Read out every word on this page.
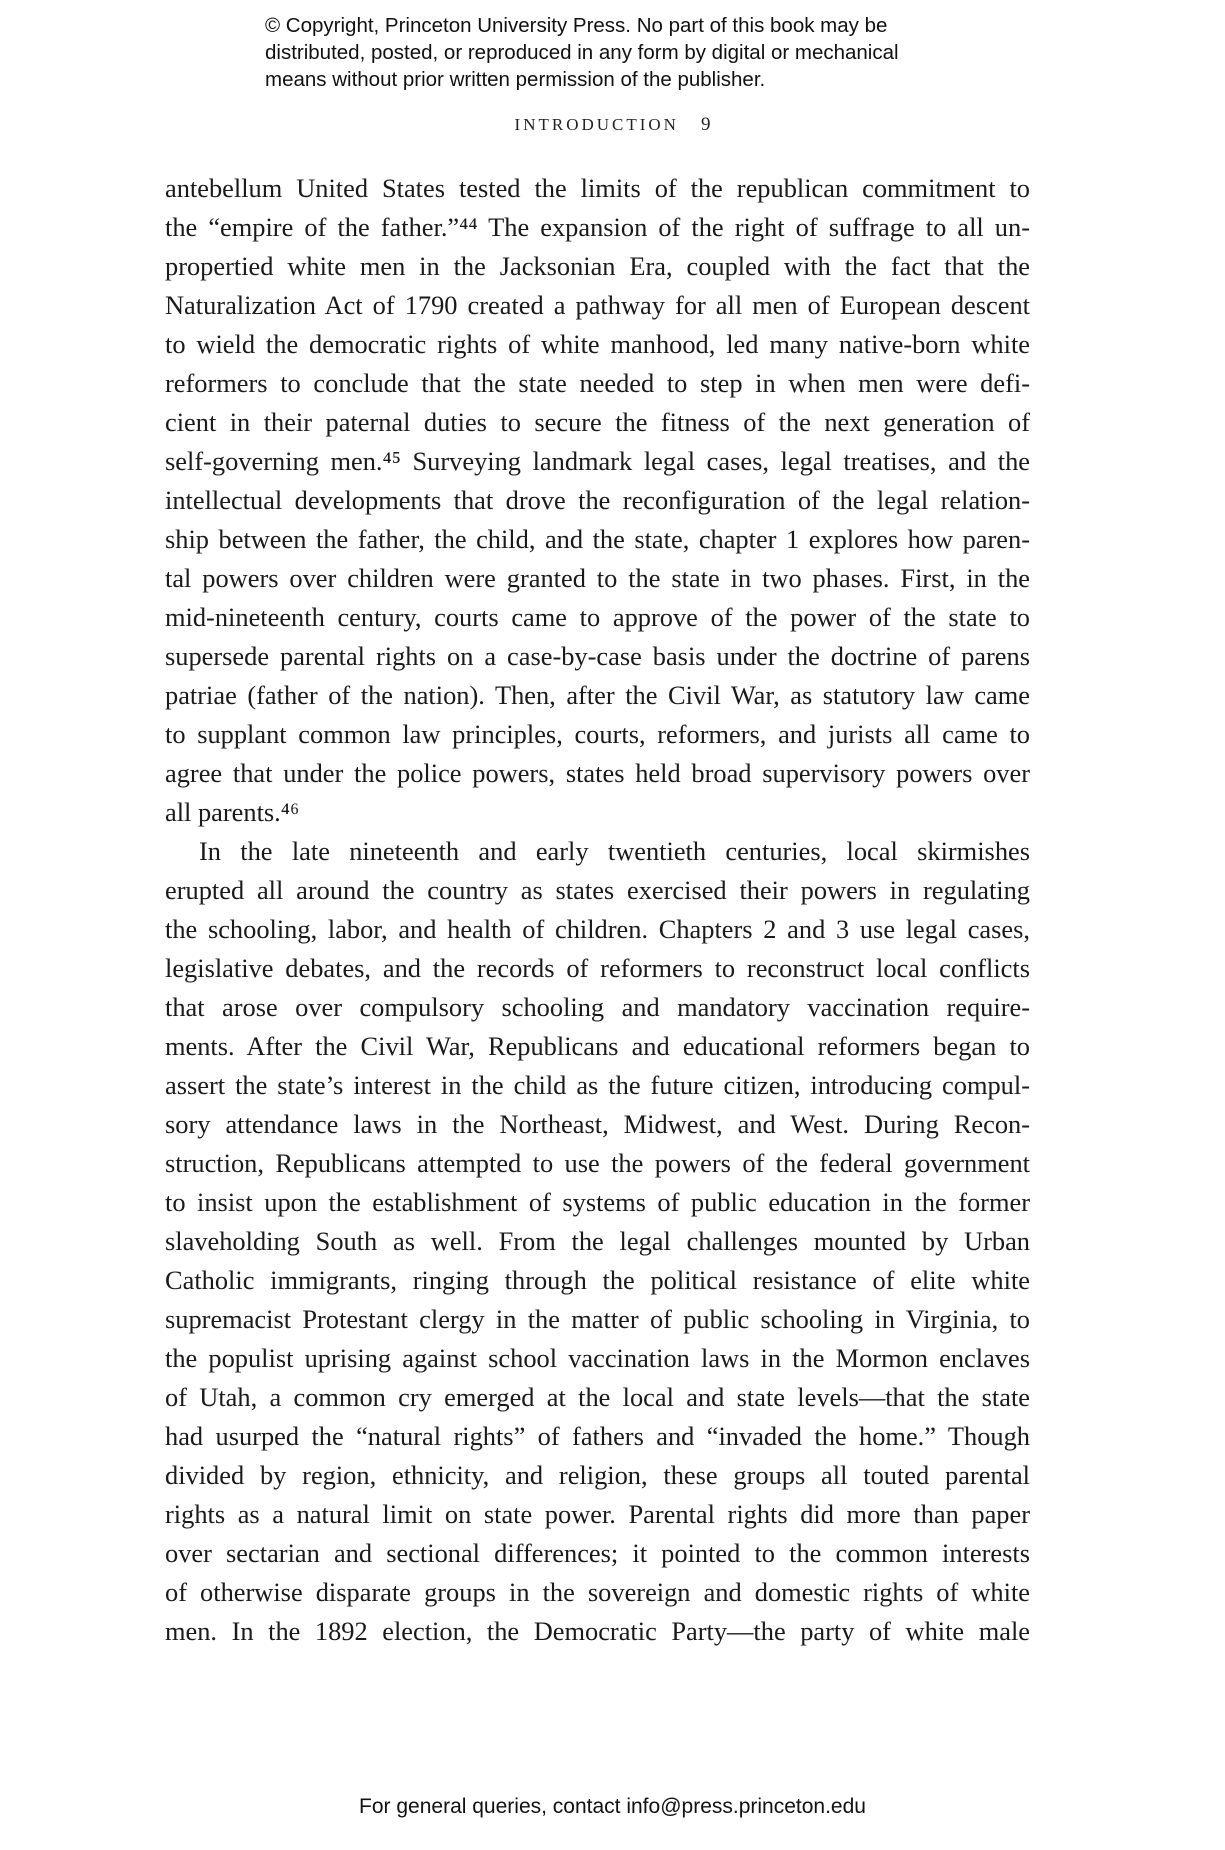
© Copyright, Princeton University Press. No part of this book may be
distributed, posted, or reproduced in any form by digital or mechanical
means without prior written permission of the publisher.
INTRODUCTION 9
antebellum United States tested the limits of the republican commitment to
the “empire of the father.”⁴⁴ The expansion of the right of suffrage to all un-
propertied white men in the Jacksonian Era, coupled with the fact that the
Naturalization Act of 1790 created a pathway for all men of European descent
to wield the democratic rights of white manhood, led many native-born white
reformers to conclude that the state needed to step in when men were defi-
cient in their paternal duties to secure the fitness of the next generation of
self-governing men.⁴⁵ Surveying landmark legal cases, legal treatises, and the
intellectual developments that drove the reconfiguration of the legal relation-
ship between the father, the child, and the state, chapter 1 explores how paren-
tal powers over children were granted to the state in two phases. First, in the
mid-nineteenth century, courts came to approve of the power of the state to
supersede parental rights on a case-by-case basis under the doctrine of parens
patriae (father of the nation). Then, after the Civil War, as statutory law came
to supplant common law principles, courts, reformers, and jurists all came to
agree that under the police powers, states held broad supervisory powers over
all parents.⁴⁶
In the late nineteenth and early twentieth centuries, local skirmishes
erupted all around the country as states exercised their powers in regulating
the schooling, labor, and health of children. Chapters 2 and 3 use legal cases,
legislative debates, and the records of reformers to reconstruct local conflicts
that arose over compulsory schooling and mandatory vaccination require-
ments. After the Civil War, Republicans and educational reformers began to
assert the state’s interest in the child as the future citizen, introducing compul-
sory attendance laws in the Northeast, Midwest, and West. During Recon-
struction, Republicans attempted to use the powers of the federal government
to insist upon the establishment of systems of public education in the former
slaveholding South as well. From the legal challenges mounted by Urban
Catholic immigrants, ringing through the political resistance of elite white
supremacist Protestant clergy in the matter of public schooling in Virginia, to
the populist uprising against school vaccination laws in the Mormon enclaves
of Utah, a common cry emerged at the local and state levels—that the state
had usurped the “natural rights” of fathers and “invaded the home.” Though
divided by region, ethnicity, and religion, these groups all touted parental
rights as a natural limit on state power. Parental rights did more than paper
over sectarian and sectional differences; it pointed to the common interests
of otherwise disparate groups in the sovereign and domestic rights of white
men. In the 1892 election, the Democratic Party—the party of white male
For general queries, contact info@press.princeton.edu
